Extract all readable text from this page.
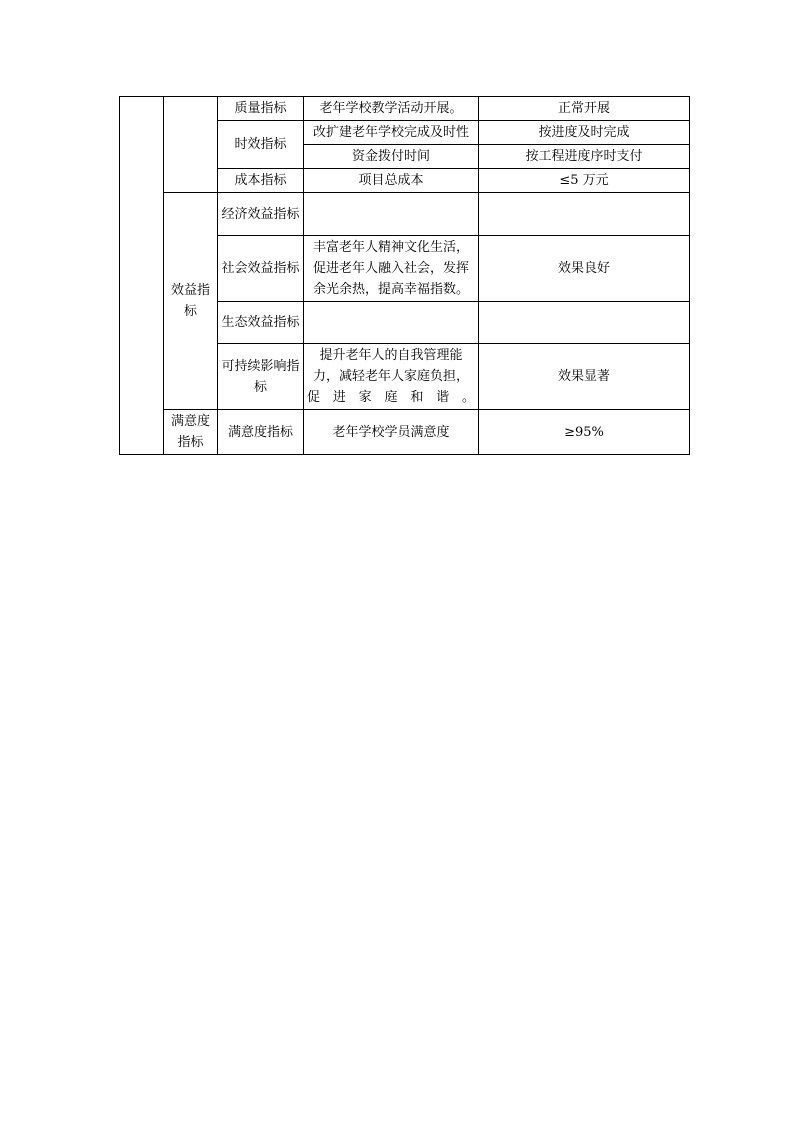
		质量指标	老年学校教学活动开展。	正常开展
		时效指标	改扩建老年学校完成及时性	按进度及时完成
			资金拨付时间	按工程进度序时支付
		成本指标	项目总成本	≤5 万元
	效益指标	经济效益指标		
		社会效益指标	丰富老年人精神文化生活，促进老年人融入社会，发挥余光余热，提高幸福指数。	效果良好
		生态效益指标		
		可持续影响指标	提升老年人的自我管理能力，减轻老年人家庭负担，促进家庭和谐。	效果显著
	满意度指标	满意度指标	老年学校学员满意度	≥95%
